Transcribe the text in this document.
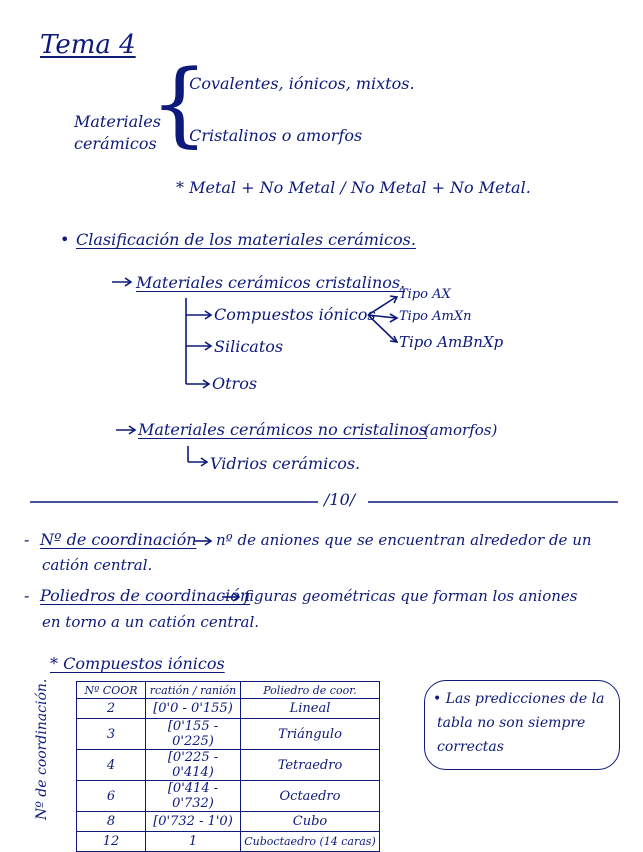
Tema 4
Materiales
cerámicos
{
* Covalentes, iónicos, mixtos.
* Cristalinos o amorfos
* Metal + No Metal / No Metal + No Metal.
• Clasificación de los materiales cerámicos.
Materiales cerámicos cristalinos.
Compuestos iónicos
Silicatos
Otros
Tipo AX
Tipo AmXn
Tipo AmBnXp
Materiales cerámicos no cristalinos
(amorfos)
Vidrios cerámicos.
/10/
- Nº de coordinación nº de aniones que se encuentran alrededor de un
catión central.
- Poliedros de coordinación
figuras geométricas que forman los aniones
en torno a un catión central.
* Compuestos iónicos
Nº de coordinación.	Nº COOR	rcatión / ranión	Poliedro de coor.
2	[0'0 - 0'155)	Lineal
3	[0'155 - 0'225)	Triángulo
4	[0'225 - 0'414)	Tetraedro
6	[0'414 - 0'732)	Octaedro
8	[0'732 - 1'0)	Cubo
12	1	Cuboctaedro (14 caras)
• Las predicciones de la
tabla no son siempre
correctas
